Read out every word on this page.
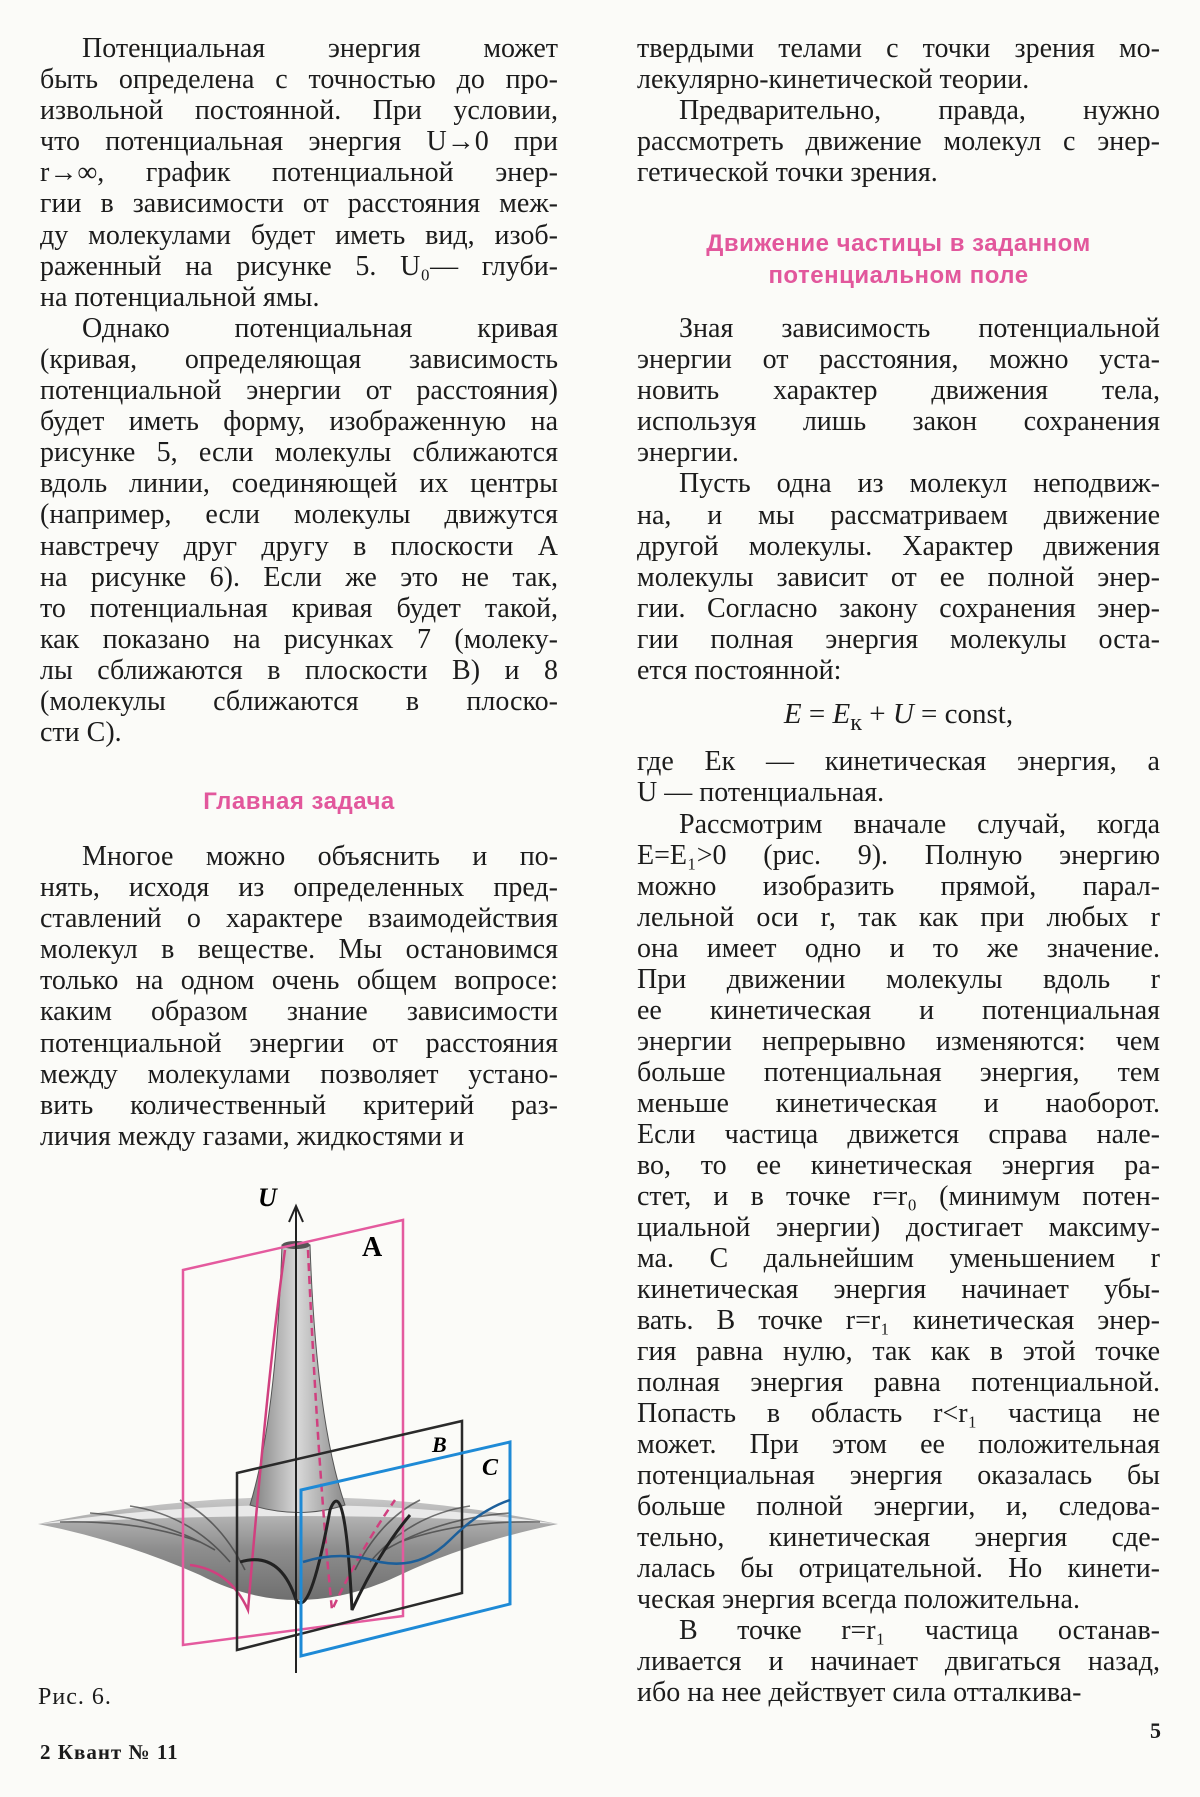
Потенциальная энергия может
быть определена с точностью до про-
извольной постоянной. При условии,
что потенциальная энергия U→0 при
r→∞, график потенциальной энер-
гии в зависимости от расстояния меж-
ду молекулами будет иметь вид, изоб-
раженный на рисунке 5. U₀— глуби-
на потенциальной ямы.
Однако потенциальная кривая
(кривая, определяющая зависимость
потенциальной энергии от расстояния)
будет иметь форму, изображенную на
рисунке 5, если молекулы сближаются
вдоль линии, соединяющей их центры
(например, если молекулы движутся
навстречу друг другу в плоскости A
на рисунке 6). Если же это не так,
то потенциальная кривая будет такой,
как показано на рисунках 7 (молеку-
лы сближаются в плоскости B) и 8
(молекулы сближаются в плоско-
сти C).
Главная задача
Многое можно объяснить и по-
нять, исходя из определенных пред-
ставлений о характере взаимодействия
молекул в веществе. Мы остановимся
только на одном очень общем вопросе:
каким образом знание зависимости
потенциальной энергии от расстояния
между молекулами позволяет устано-
вить количественный критерий раз-
личия между газами, жидкостями и
U
A
B
C
Рис. 6.
твердыми телами с точки зрения мо-
лекулярно-кинетической теории.
Предварительно, правда, нужно
рассмотреть движение молекул с энер-
гетической точки зрения.
Движение частицы в заданном
потенциальном поле
Зная зависимость потенциальной
энергии от расстояния, можно уста-
новить характер движения тела,
используя лишь закон сохранения
энергии.
Пусть одна из молекул неподвиж-
на, и мы рассматриваем движение
другой молекулы. Характер движения
молекулы зависит от ее полной энер-
гии. Согласно закону сохранения энер-
гии полная энергия молекулы оста-
ется постоянной:
$E = E_к + U$ = const,
где Eк — кинетическая энергия, а
U — потенциальная.
Рассмотрим вначале случай, когда
E=E₁>0 (рис. 9). Полную энергию
можно изобразить прямой, парал-
лельной оси r, так как при любых r
она имеет одно и то же значение.
При движении молекулы вдоль r
ее кинетическая и потенциальная
энергии непрерывно изменяются: чем
больше потенциальная энергия, тем
меньше кинетическая и наоборот.
Если частица движется справа нале-
во, то ее кинетическая энергия ра-
стет, и в точке r=r₀ (минимум потен-
циальной энергии) достигает максиму-
ма. С дальнейшим уменьшением r
кинетическая энергия начинает убы-
вать. В точке r=r₁ кинетическая энер-
гия равна нулю, так как в этой точке
полная энергия равна потенциальной.
Попасть в область r<r₁ частица не
может. При этом ее положительная
потенциальная энергия оказалась бы
больше полной энергии, и, следова-
тельно, кинетическая энергия сде-
лалась бы отрицательной. Но кинети-
ческая энергия всегда положительна.
В точке r=r₁ частица останав-
ливается и начинает двигаться назад,
ибо на нее действует сила отталкива-
2 Квант № 11
5
